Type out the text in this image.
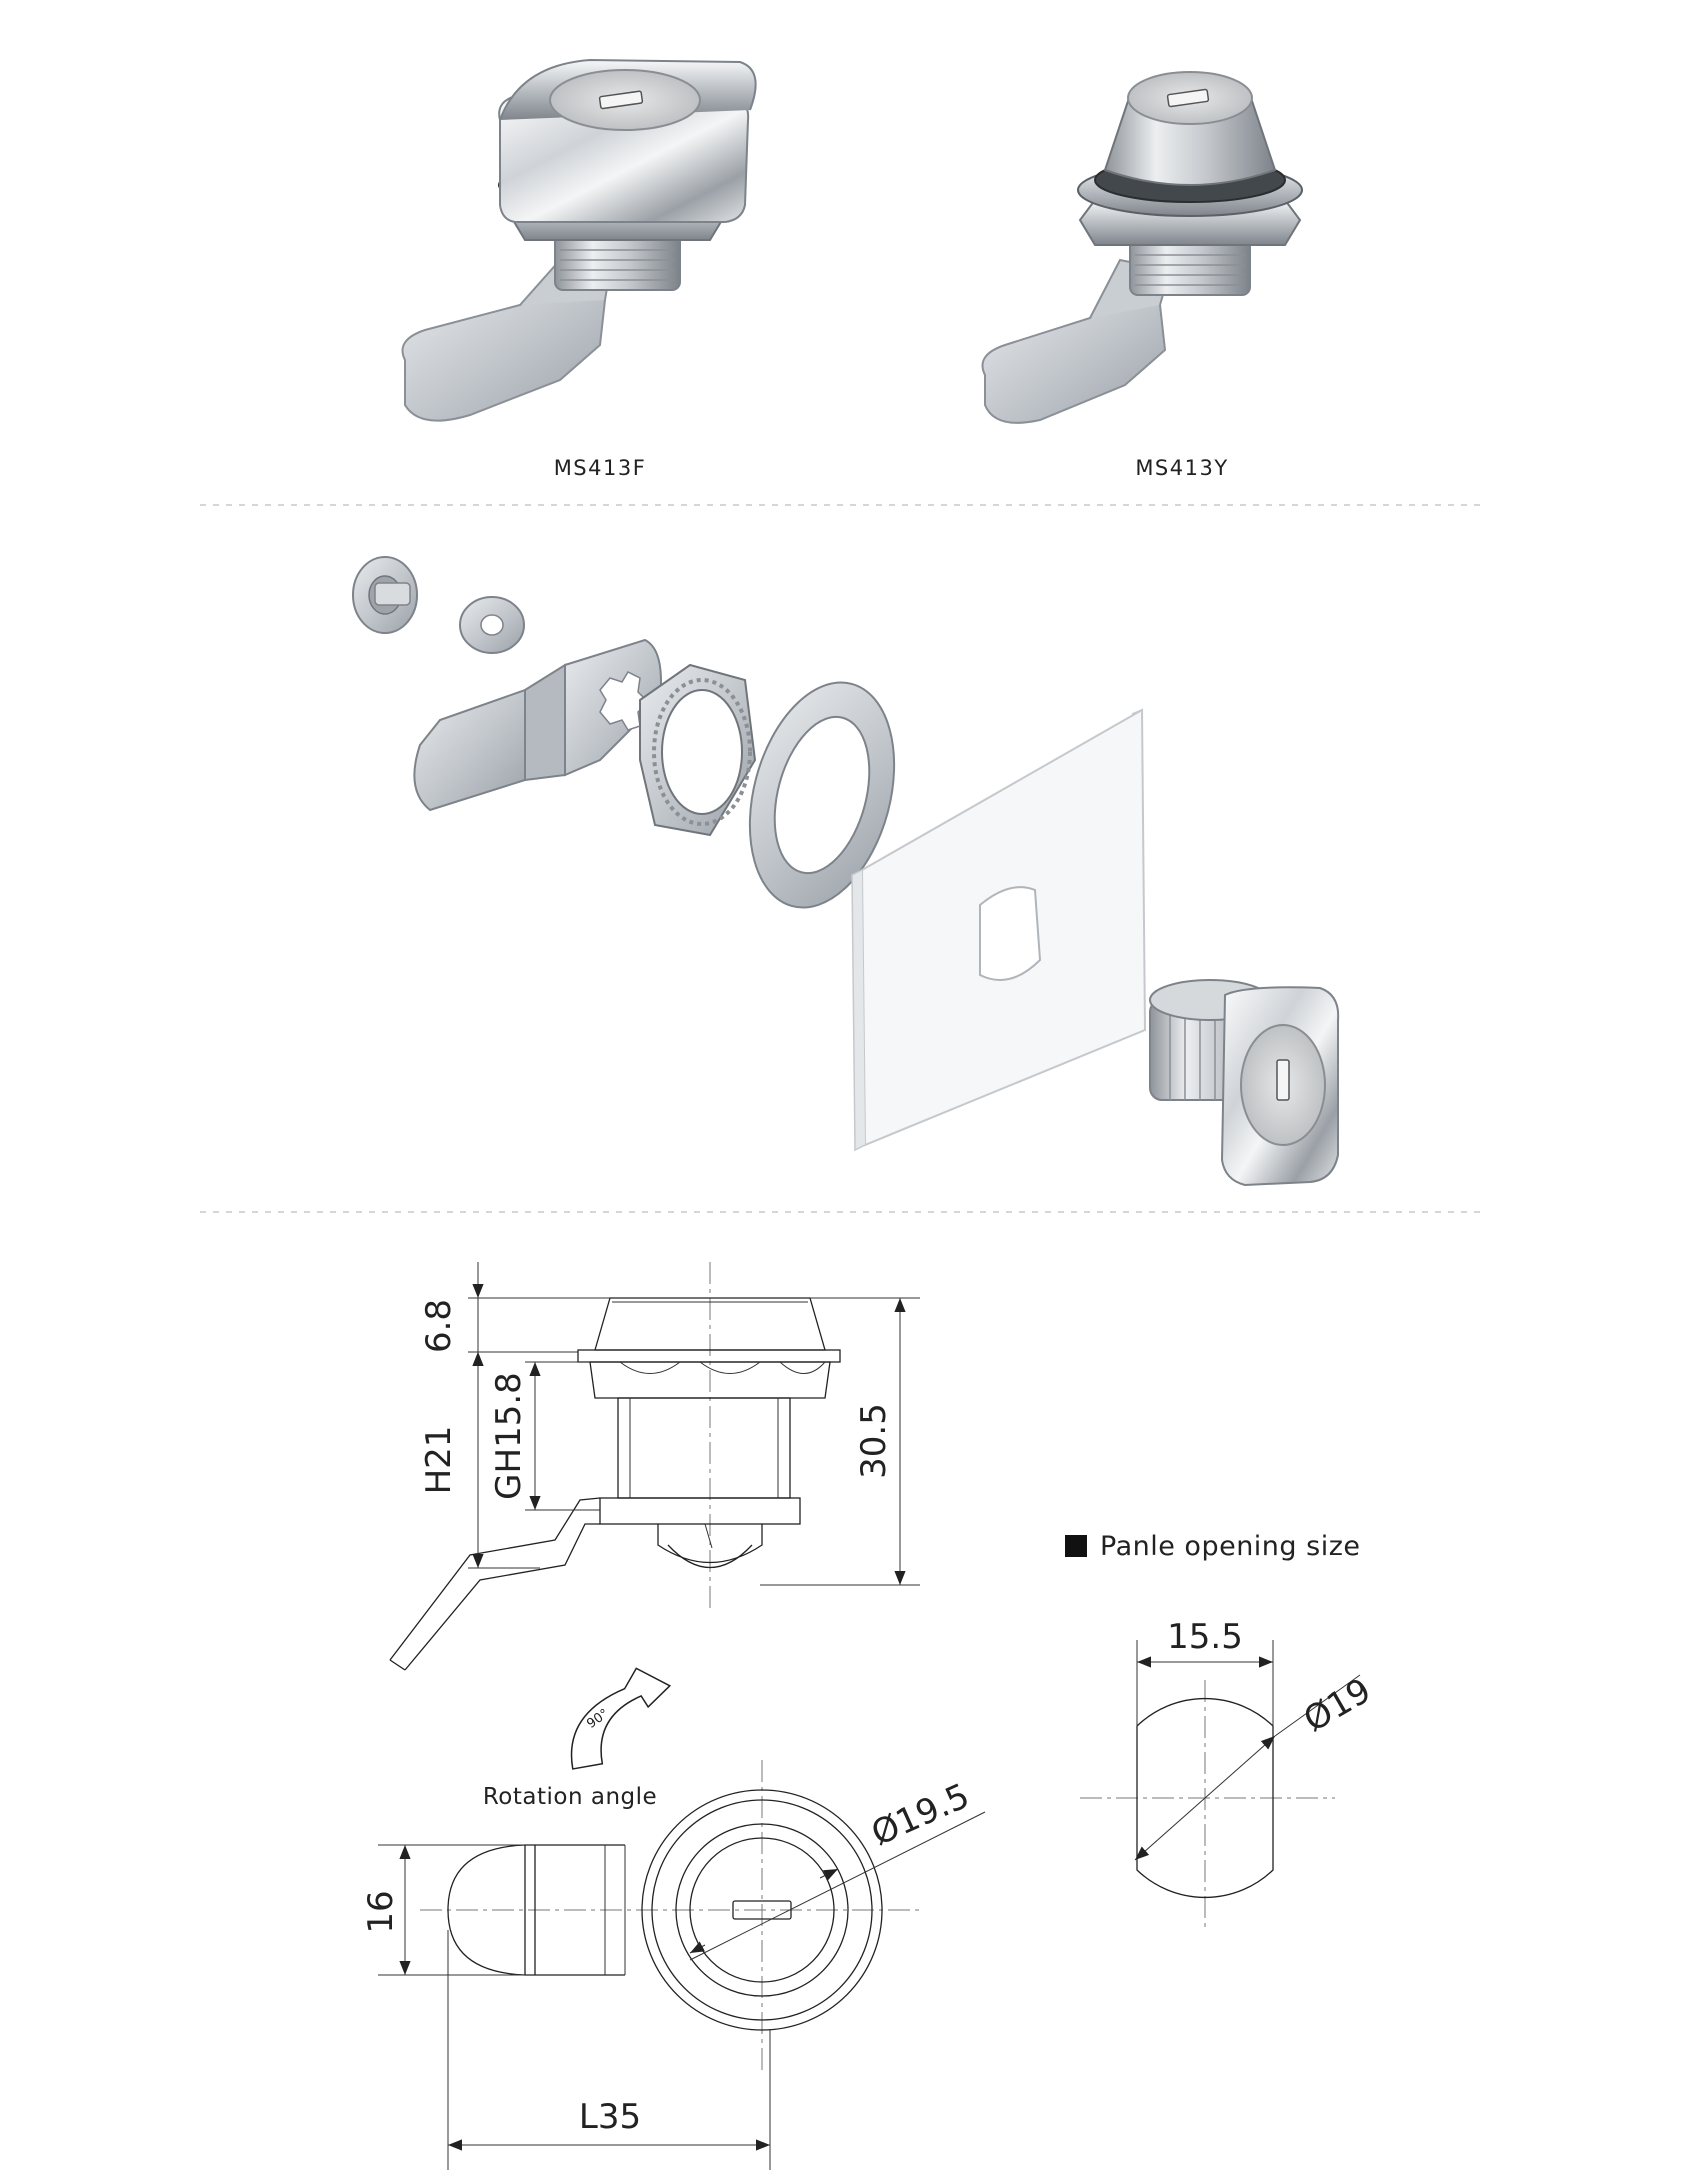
MS413F	MS413Y
6.8
H21 GH15.8	30.5
90°
Rotation angle	Ø19.5
16
L35
Panle opening size
15.5
Ø19
